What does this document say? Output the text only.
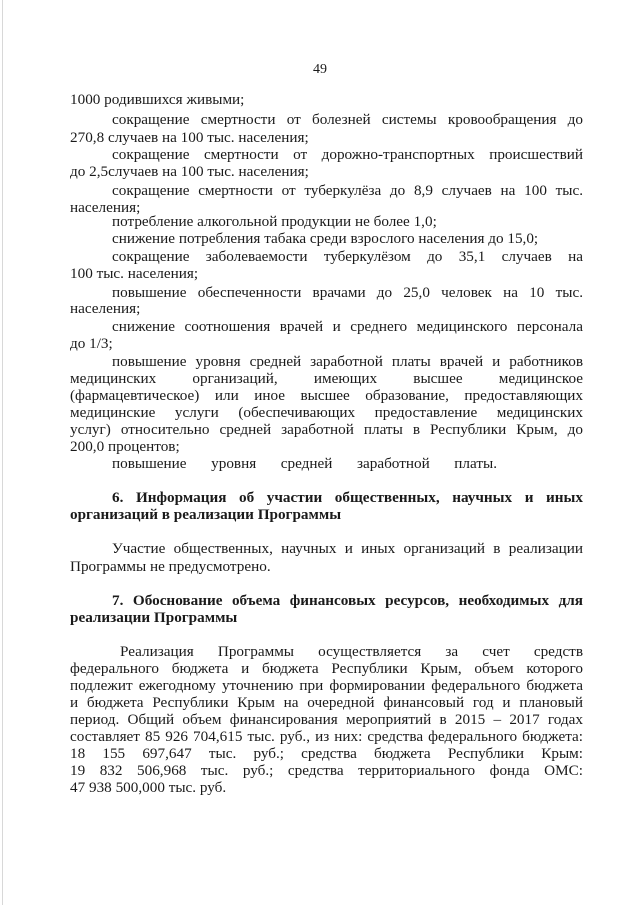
49
1000 родившихся живыми;
сокращение смертности от болезней системы кровообращения до
270,8 случаев на 100 тыс. населения;
сокращение смертности от дорожно-транспортных происшествий
до 2,5случаев на 100 тыс. населения;
сокращение смертности от туберкулёза до 8,9 случаев на 100 тыс.
населения;
потребление алкогольной продукции не более 1,0;
снижение потребления табака среди взрослого населения до 15,0;
сокращение заболеваемости туберкулёзом до 35,1 случаев на
100 тыс. населения;
повышение обеспеченности врачами до 25,0 человек на 10 тыс.
населения;
снижение соотношения врачей и среднего медицинского персонала
до 1/3;
повышение уровня средней заработной платы врачей и работников
медицинских организаций, имеющих высшее медицинское
(фармацевтическое) или иное высшее образование, предоставляющих
медицинские услуги (обеспечивающих предоставление медицинских
услуг) относительно средней заработной платы в Республики Крым, до
200,0 процентов;
повышение уровня средней заработной платы.
6. Информация об участии общественных, научных и иных
организаций в реализации Программы
Участие общественных, научных и иных организаций в реализации
Программы не предусмотрено.
7. Обоснование объема финансовых ресурсов, необходимых для
реализации Программы
Реализация Программы осуществляется за счет средств
федерального бюджета и бюджета Республики Крым, объем которого
подлежит ежегодному уточнению при формировании федерального бюджета
и бюджета Республики Крым на очередной финансовый год и плановый
период. Общий объем финансирования мероприятий в 2015 – 2017 годах
составляет 85 926 704,615 тыс. руб., из них: средства федерального бюджета:
18 155 697,647 тыс. руб.; средства бюджета Республики Крым:
19 832 506,968 тыс. руб.; средства территориального фонда ОМС:
47 938 500,000 тыс. руб.
